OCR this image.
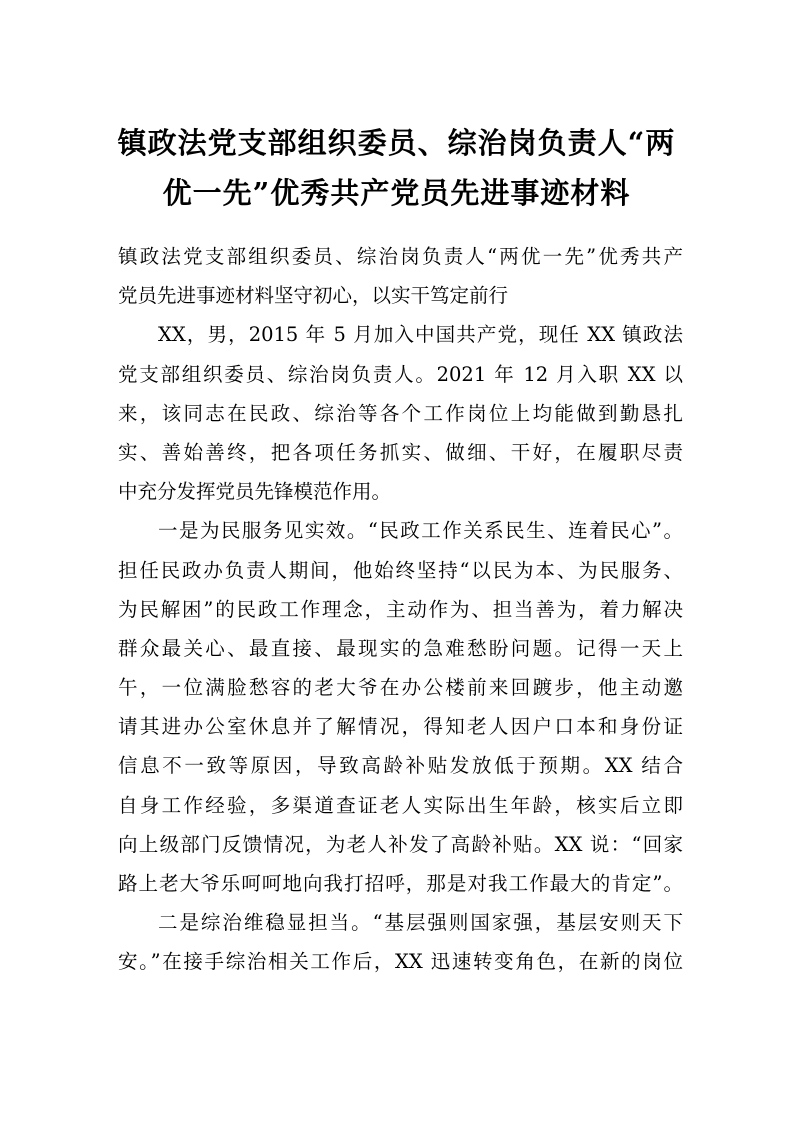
镇政法党支部组织委员、综治岗负责人“两
优一先”优秀共产党员先进事迹材料
镇政法党支部组织委员、综治岗负责人“两优一先”优秀共产
党员先进事迹材料坚守初心，以实干笃定前行
XX，男，2015 年 5 月加入中国共产党，现任 XX 镇政法
党支部组织委员、综治岗负责人。2021 年 12 月入职 XX 以
来，该同志在民政、综治等各个工作岗位上均能做到勤恳扎
实、善始善终，把各项任务抓实、做细、干好，在履职尽责
中充分发挥党员先锋模范作用。
一是为民服务见实效。“民政工作关系民生、连着民心”。
担任民政办负责人期间，他始终坚持“以民为本、为民服务、
为民解困”的民政工作理念，主动作为、担当善为，着力解决
群众最关心、最直接、最现实的急难愁盼问题。记得一天上
午，一位满脸愁容的老大爷在办公楼前来回踱步，他主动邀
请其进办公室休息并了解情况，得知老人因户口本和身份证
信息不一致等原因，导致高龄补贴发放低于预期。XX 结合
自身工作经验，多渠道查证老人实际出生年龄，核实后立即
向上级部门反馈情况，为老人补发了高龄补贴。XX 说：“回家
路上老大爷乐呵呵地向我打招呼，那是对我工作最大的肯定”。
二是综治维稳显担当。“基层强则国家强，基层安则天下
安。”在接手综治相关工作后，XX 迅速转变角色，在新的岗位
